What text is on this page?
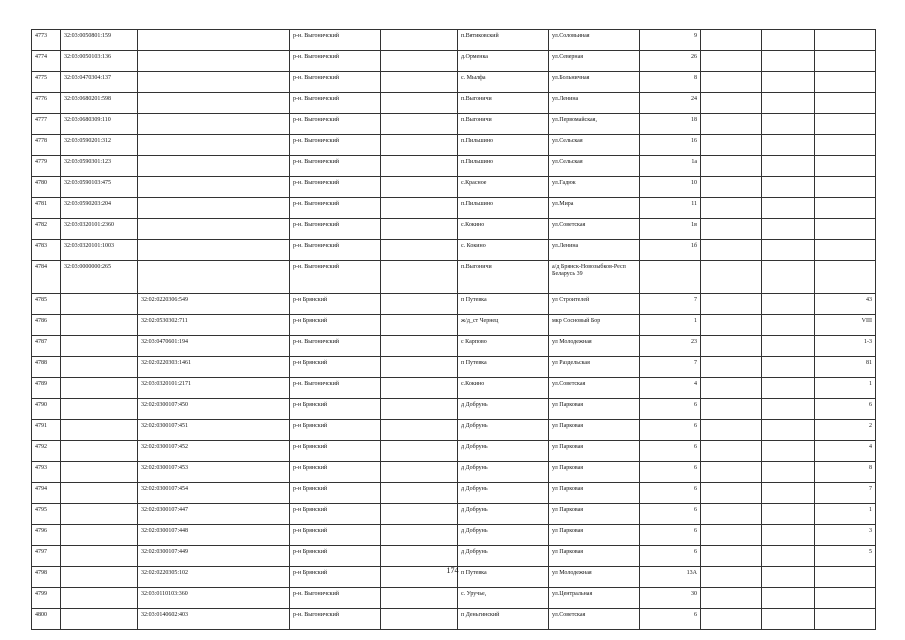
4773	32:03:0050801:159		р-н. Выгоничский		п.Вятиковский	ул.Соловьиная	9			
4774	32:03:0050103:136		р-н. Выгоничский		д.Орменка	ул.Северная	26			
4775	32:03:0470304:137		р-н. Выгоничский		с. Мылфа	ул.Больничная	8			
4776	32:03:0680201:598		р-н. Выгоничский		п.Выгоничи	ул.Ленина	24			
4777	32:03:0680309:110		р-н. Выгоничский		п.Выгоничи	ул.Первомайская,	18			
4778	32:03:0590201:312		р-н. Выгоничский		п.Пильшино	ул.Сельская	16			
4779	32:03:0590301:123		р-н. Выгоничский		п.Пильшино	ул.Сельская	1а			
4780	32:03:0590103:475		р-н. Выгоничский		с.Красное	ул.Гадюк	10			
4781	32:03:0590203:204		р-н. Выгоничский		п.Пильшино	ул.Мира	11			
4782	32:03:0320101:2360		р-н. Выгоничский		с.Кокино	ул.Советская	1в			
4783	32:03:0320101:1003		р-н. Выгоничский		с. Кокино	ул.Ленина	1б			
4784	32:03:0000000:265		р-н. Выгоничский		п.Выгоничи	а/д Брянск-Новозыбков-Респ Беларусь 39				
4785		32:02:0220306:549	р-н Брянский		п Путевка	ул Строителей	7			43
4786		32:02:0530302:711	р-н Брянский		ж/д_ст Чернец	мкр Сосновый Бор	1			VIII
4787		32:03:0470601:194	р-н. Выгоничский		с Карпово	ул Молодежная	23			1-3
4788		32:02:0220303:1461	р-н Брянский		п Путевка	ул Раздельская	7			81
4789		32:03:0320101:2171	р-н. Выгоничский		с.Кокино	ул.Советская	4			1
4790		32:02:0300107:450	р-н Брянский		д Добрунь	ул Парковая	6			6
4791		32:02:0300107:451	р-н Брянский		д Добрунь	ул Парковая	6			2
4792		32:02:0300107:452	р-н Брянский		д Добрунь	ул Парковая	6			4
4793		32:02:0300107:453	р-н Брянский		д Добрунь	ул Парковая	6			8
4794		32:02:0300107:454	р-н Брянский		д Добрунь	ул Парковая	6			7
4795		32:02:0300107:447	р-н Брянский		д Добрунь	ул Парковая	6			1
4796		32:02:0300107:448	р-н Брянский		д Добрунь	ул Парковая	6			3
4797		32:02:0300107:449	р-н Брянский		д Добрунь	ул Парковая	6			5
4798		32:02:0220305:102	р-н Брянский		п Путевка	ул Молодежная	13А			
4799		32:03:0110103:360	р-н. Выгоничский		с. Уручье,	ул.Центральная	30			
4800		32:03:0140602:403	р-н. Выгоничский		п Деньгинский	ул.Советская	6			
174
